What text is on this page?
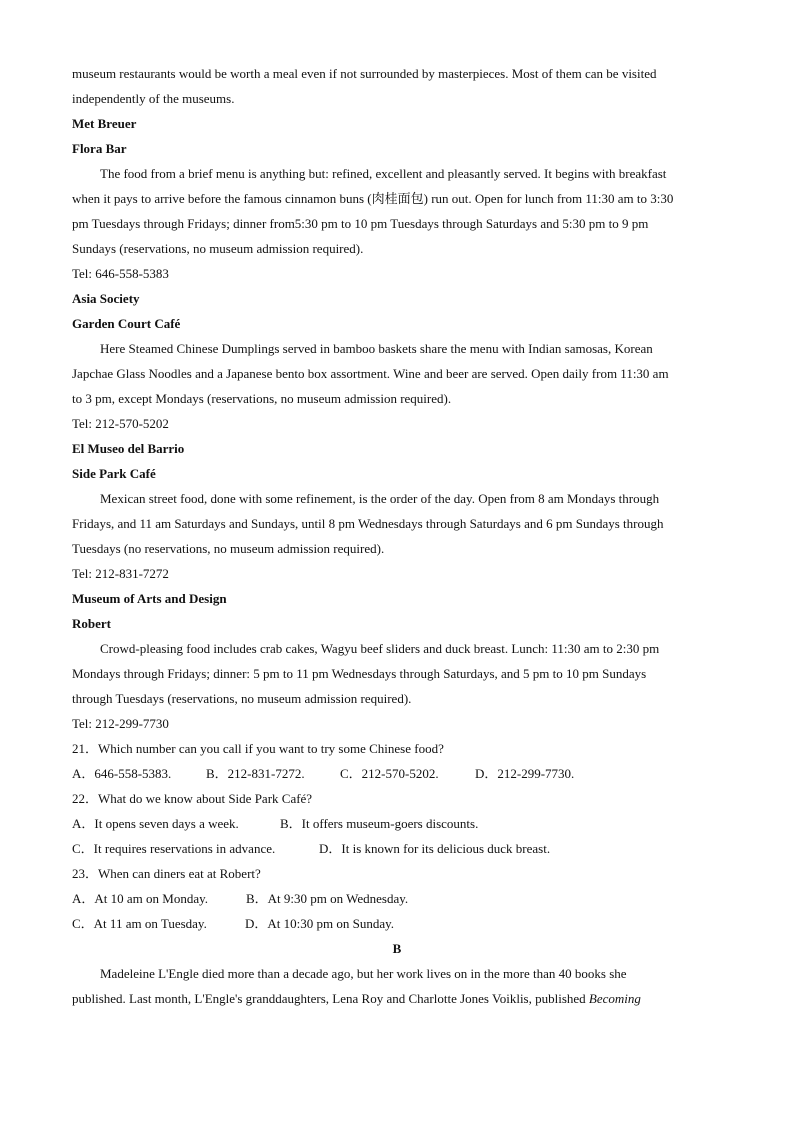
museum restaurants would be worth a meal even if not surrounded by masterpieces. Most of them can be visited
independently of the museums.
Met Breuer
Flora Bar
The food from a brief menu is anything but: refined, excellent and pleasantly served. It begins with breakfast
when it pays to arrive before the famous cinnamon buns (肉桂面包) run out. Open for lunch from 11:30 am to 3:30
pm Tuesdays through Fridays; dinner from5:30 pm to 10 pm Tuesdays through Saturdays and 5:30 pm to 9 pm
Sundays (reservations, no museum admission required).
Tel: 646-558-5383
Asia Society
Garden Court Café
Here Steamed Chinese Dumplings served in bamboo baskets share the menu with Indian samosas, Korean
Japchae Glass Noodles and a Japanese bento box assortment. Wine and beer are served. Open daily from 11:30 am
to 3 pm, except Mondays (reservations, no museum admission required).
Tel: 212-570-5202
El Museo del Barrio
Side Park Café
Mexican street food, done with some refinement, is the order of the day. Open from 8 am Mondays through
Fridays, and 11 am Saturdays and Sundays, until 8 pm Wednesdays through Saturdays and 6 pm Sundays through
Tuesdays (no reservations, no museum admission required).
Tel: 212-831-7272
Museum of Arts and Design
Robert
Crowd-pleasing food includes crab cakes, Wagyu beef sliders and duck breast. Lunch: 11:30 am to 2:30 pm
Mondays through Fridays; dinner: 5 pm to 11 pm Wednesdays through Saturdays, and 5 pm to 10 pm Sundays
through Tuesdays (reservations, no museum admission required).
Tel: 212-299-7730
21．Which number can you call if you want to try some Chinese food?
A．646-558-5383.	B．212-831-7272.	C．212-570-5202.	D．212-299-7730.
22．What do we know about Side Park Café?
A．It opens seven days a week.	B．It offers museum-goers discounts.
C．It requires reservations in advance.	D．It is known for its delicious duck breast.
23．When can diners eat at Robert?
A．At 10 am on Monday.	B．At 9:30 pm on Wednesday.
C．At 11 am on Tuesday.	D．At 10:30 pm on Sunday.
B
Madeleine L'Engle died more than a decade ago, but her work lives on in the more than 40 books she
published. Last month, L'Engle's granddaughters, Lena Roy and Charlotte Jones Voiklis, published Becoming
